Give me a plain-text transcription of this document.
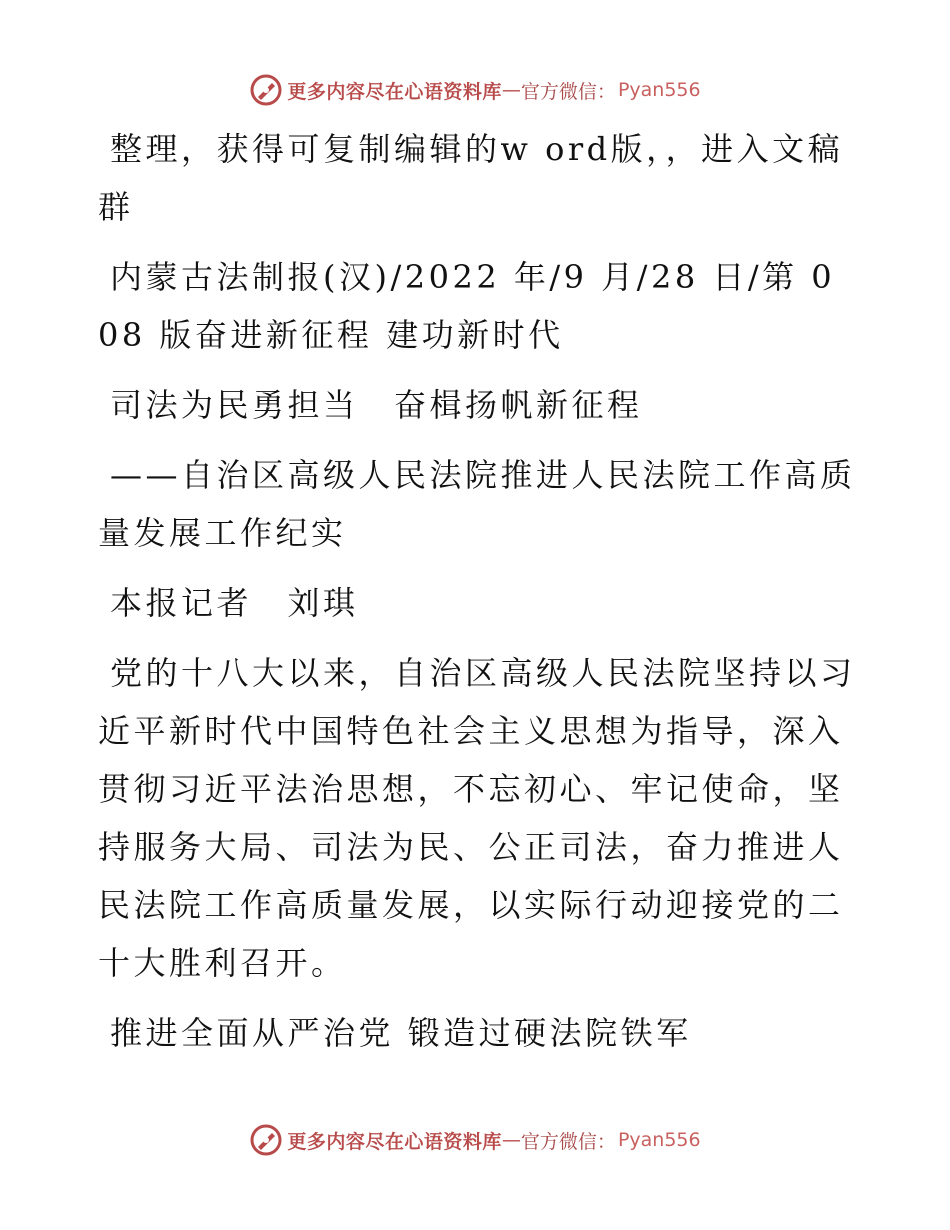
更多内容尽在心语资料库 — 官方微信： Pyan556

整理，获得可复制编辑的w ord版，，进入文稿群

内蒙古法制报(汉)/2022 年/9 月/28 日/第 008 版奋进新征程 建功新时代

司法为民勇担当　奋楫扬帆新征程

——自治区高级人民法院推进人民法院工作高质量发展工作纪实

本报记者　刘琪

党的十八大以来，自治区高级人民法院坚持以习近平新时代中国特色社会主义思想为指导，深入贯彻习近平法治思想，不忘初心、牢记使命，坚持服务大局、司法为民、公正司法，奋力推进人民法院工作高质量发展，以实际行动迎接党的二十大胜利召开。

推进全面从严治党 锻造过硬法院铁军

更多内容尽在心语资料库 — 官方微信： Pyan556
